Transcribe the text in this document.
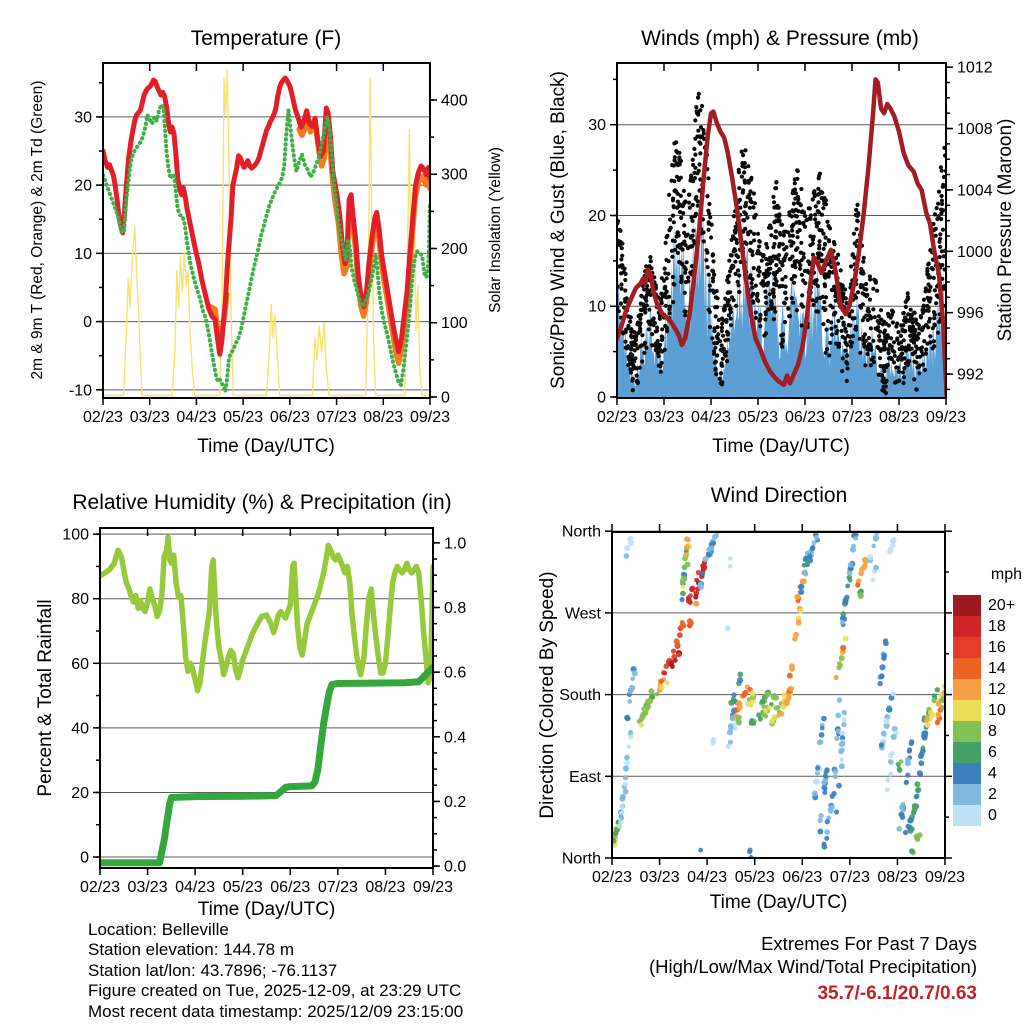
02/23 03/23 04/23 05/23 06/23 07/23 08/23 09/23
30
20
10
0
-10
400
300
200
100
0
02/23 03/23 04/23 05/23 06/23 07/23 08/23 09/23
30
20
10
0
1012
1008
1004
1000
996
992
02/23 03/23 04/23 05/23 06/23 07/23 08/23 09/23
100
80
60
40
20
0
1.0
0.8
0.6
0.4
0.2
0.0
02/23 03/23 04/23 05/23 06/23 07/23 08/23 09/23
North
West
South
East
North
Temperature (F)	Winds (mph) & Pressure (mb)
Relative Humidity (%) & Precipitation (in)	Wind Direction
Time (Day/UTC)	Time (Day/UTC)
Time (Day/UTC)	Time (Day/UTC)
2m & 9m T (Red, Orange) & 2m Td (Green)	Solar Insolation (Yellow) Sonic/Prop Wind & Gust (Blue, Black)	Station Pressure (Maroon)
Percent & Total Rainfall	Direction (Colored By Speed)	mph
20+
18
16
14
12
10
8
6
4
2
0
Location: Belleville
Station elevation: 144.78 m
Station lat/lon: 43.7896; -76.1137
Figure created on Tue, 2025-12-09, at 23:29 UTC
Most recent data timestamp: 2025/12/09 23:15:00
Extremes For Past 7 Days
(High/Low/Max Wind/Total Precipitation)
35.7/-6.1/20.7/0.63
